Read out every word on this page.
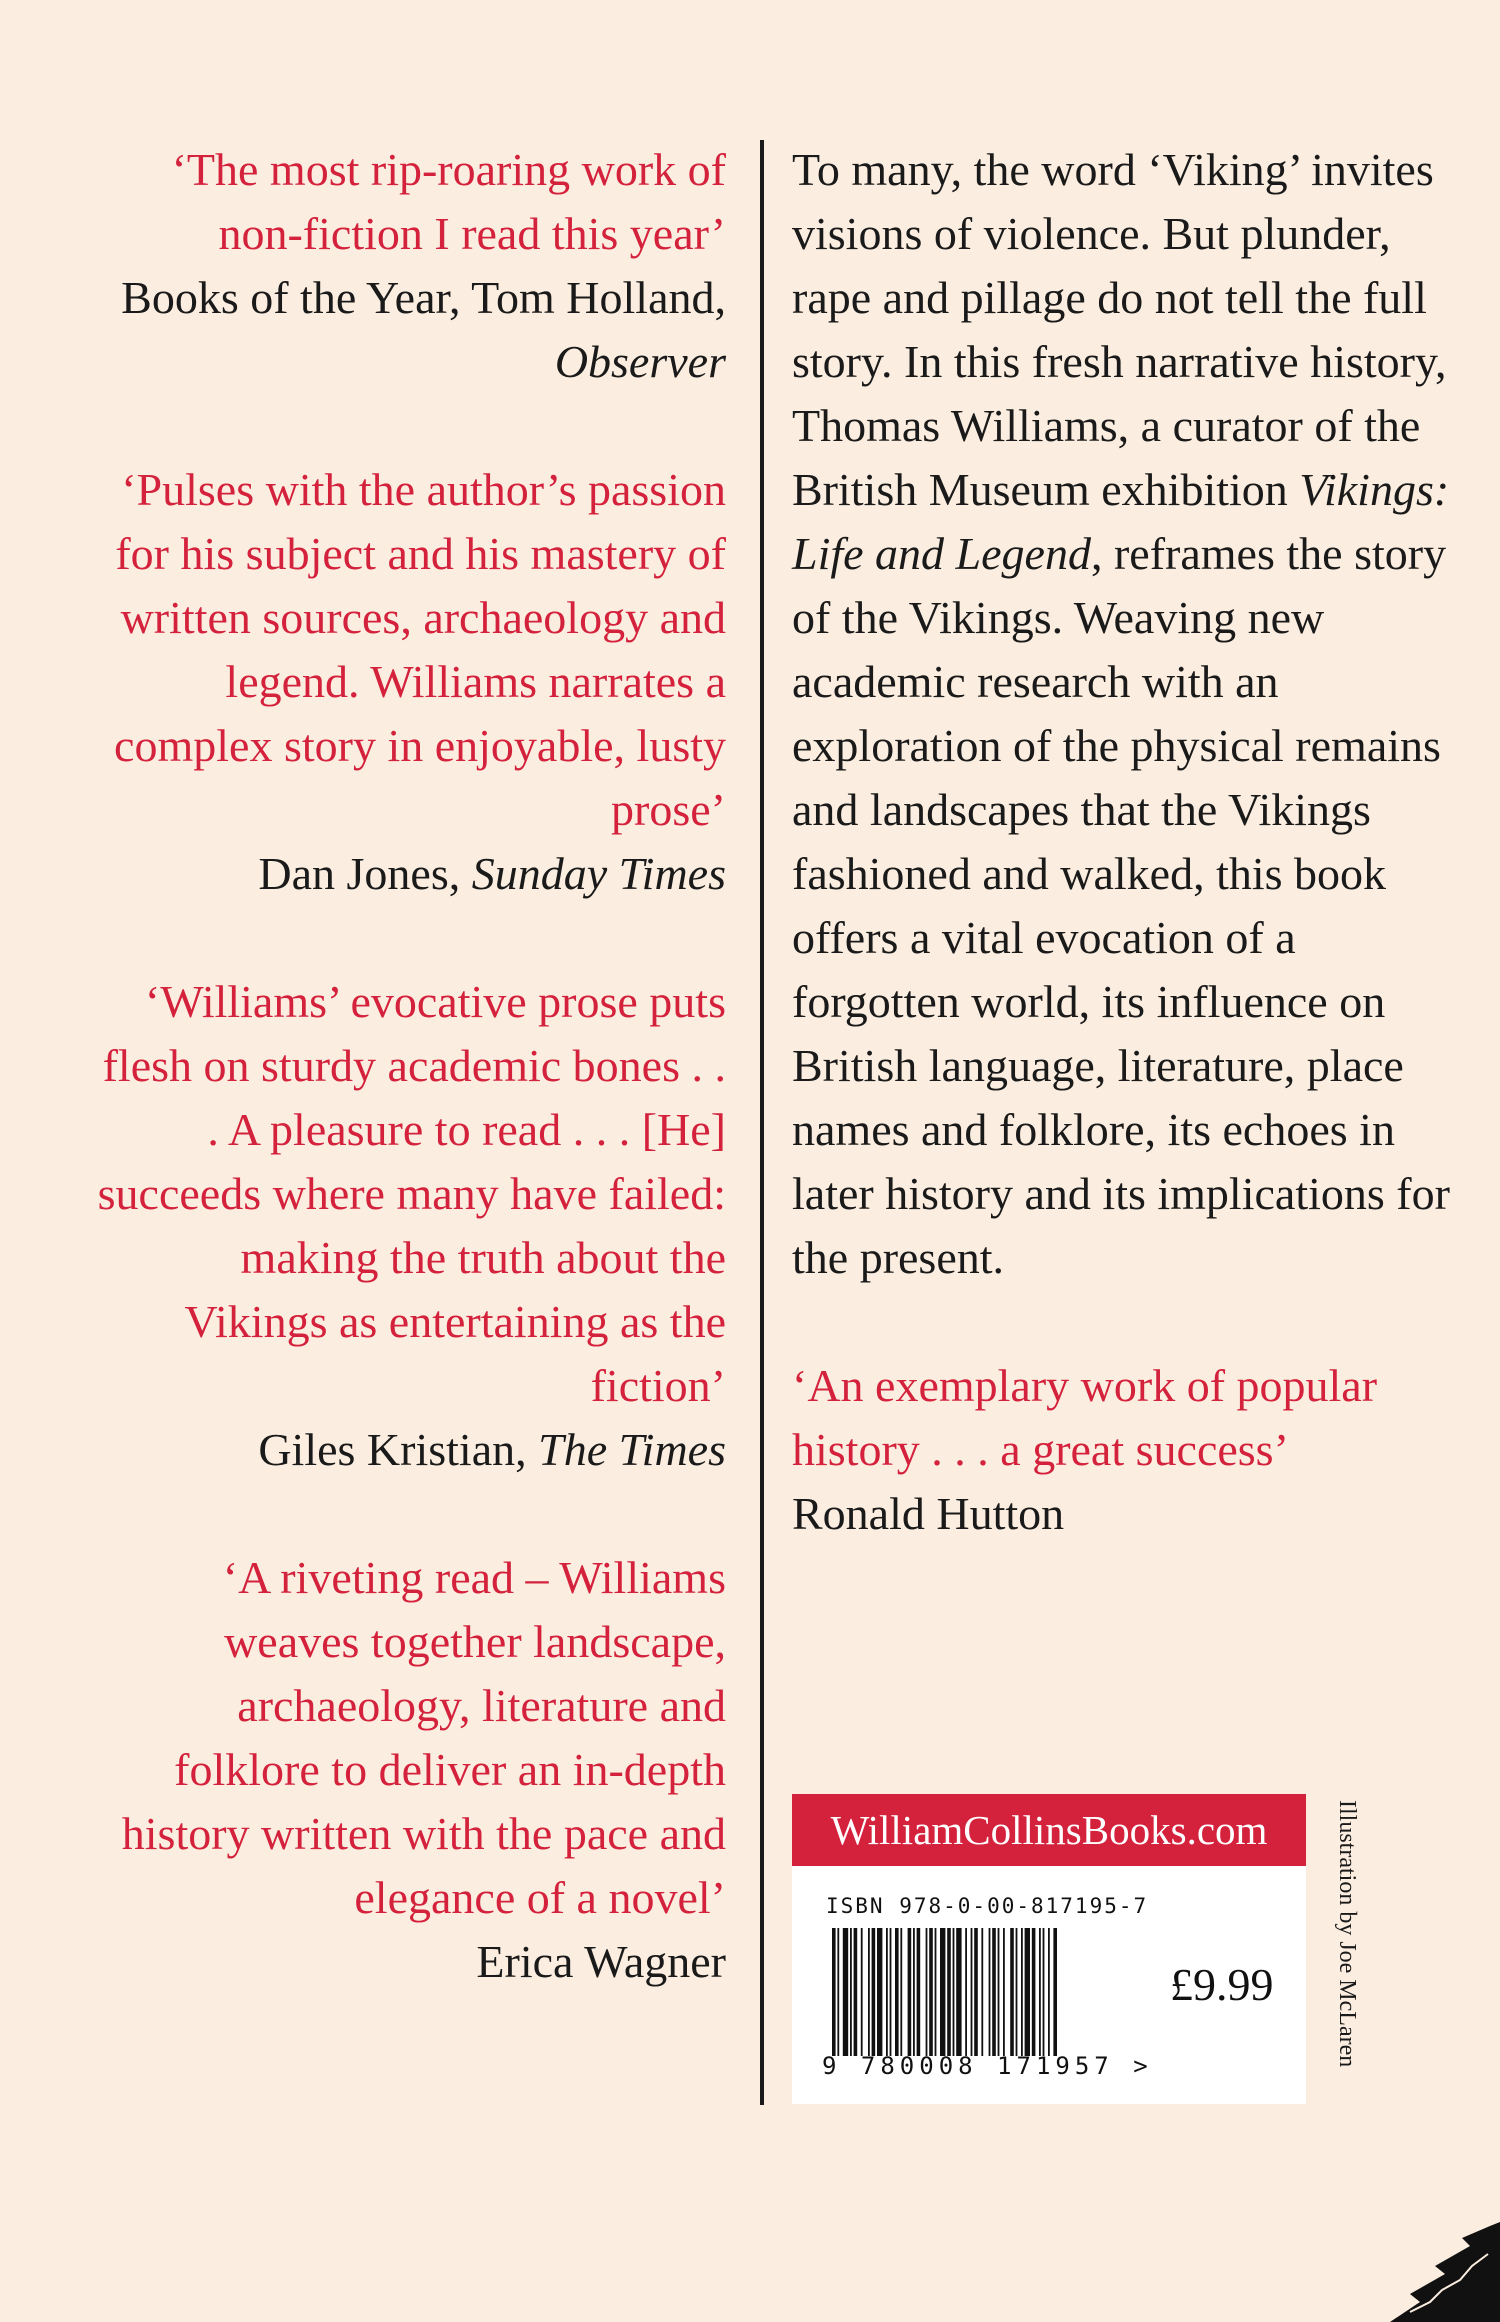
‘The most rip-roaring work of non-fiction I read this year’
Books of the Year, Tom Holland, Observer
‘Pulses with the author’s passion for his subject and his mastery of written sources, archaeology and legend. Williams narrates a complex story in enjoyable, lusty prose’
Dan Jones, Sunday Times
‘Williams’ evocative prose puts flesh on sturdy academic bones . . . A pleasure to read . . . [He] succeeds where many have failed: making the truth about the Vikings as entertaining as the fiction’
Giles Kristian, The Times
‘A riveting read – Williams weaves together landscape, archaeology, literature and folklore to deliver an in-depth history written with the pace and elegance of a novel’
Erica Wagner

To many, the word ‘Viking’ invites visions of violence. But plunder, rape and pillage do not tell the full story. In this fresh narrative history, Thomas Williams, a curator of the British Museum exhibition Vikings: Life and Legend, reframes the story of the Vikings. Weaving new academic research with an exploration of the physical remains and landscapes that the Vikings fashioned and walked, this book offers a vital evocation of a forgotten world, its influence on British language, literature, place names and folklore, its echoes in later history and its implications for the present.

‘An exemplary work of popular history . . . a great success’
Ronald Hutton
WilliamCollinsBooks.com
ISBN 978-0-00-817195-7
9 780008 171957 >
£9.99	Illustration by Joe McLaren
